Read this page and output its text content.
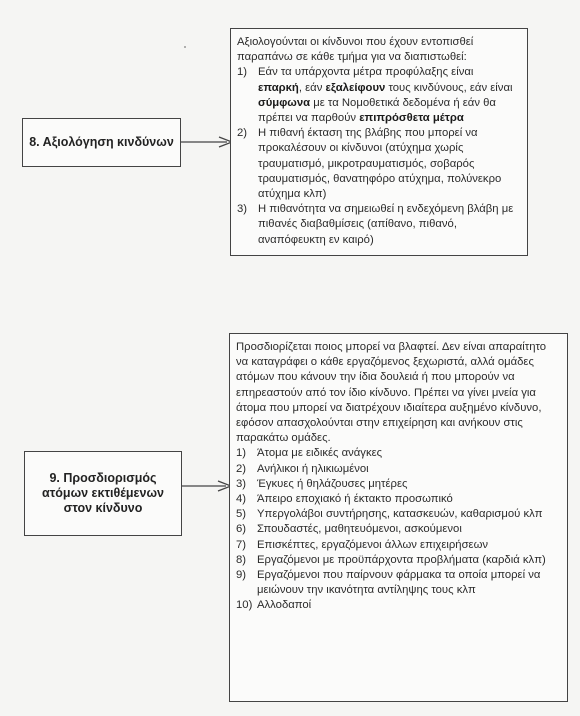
8. Αξιολόγηση κινδύνων

Αξιολογούνται οι κίνδυνοι που έχουν εντοπισθεί παραπάνω σε κάθε τμήμα για να διαπιστωθεί:

1) Εάν τα υπάρχοντα μέτρα προφύλαξης είναι επαρκή, εάν εξαλείφουν τους κινδύνους, εάν είναι σύμφωνα με τα Νομοθετικά δεδομένα ή εάν θα πρέπει να παρθούν επιπρόσθετα μέτρα
2) Η πιθανή έκταση της βλάβης που μπορεί να προκαλέσουν οι κίνδυνοι (ατύχημα χωρίς τραυματισμό, μικροτραυματισμός, σοβαρός τραυματισμός, θανατηφόρο ατύχημα, πολύνεκρο ατύχημα κλπ)
3) Η πιθανότητα να σημειωθεί η ενδεχόμενη βλάβη με πιθανές διαβαθμίσεις (απίθανο, πιθανό, αναπόφευκτη εν καιρό)
9. Προσδιορισμός ατόμων εκτιθέμενων στον κίνδυνο

Προσδιορίζεται ποιος μπορεί να βλαφτεί. Δεν είναι απαραίτητο να καταγράφει ο κάθε εργαζόμενος ξεχωριστά, αλλά ομάδες ατόμων που κάνουν την ίδια δουλειά ή που μπορούν να επηρεαστούν από τον ίδιο κίνδυνο. Πρέπει να γίνει μνεία για άτομα που μπορεί να διατρέχουν ιδιαίτερα αυξημένο κίνδυνο, εφόσον απασχολούνται στην επιχείρηση και ανήκουν στις παρακάτω ομάδες.

1) Άτομα με ειδικές ανάγκες
2) Ανήλικοι ή ηλικιωμένοι
3) Έγκυες ή θηλάζουσες μητέρες
4) Άπειρο εποχιακό ή έκτακτο προσωπικό
5) Υπεργολάβοι συντήρησης, κατασκευών, καθαρισμού κλπ
6) Σπουδαστές, μαθητευόμενοι, ασκούμενοι
7) Επισκέπτες, εργαζόμενοι άλλων επιχειρήσεων
8) Εργαζόμενοι με προϋπάρχοντα προβλήματα (καρδιά κλπ)
9) Εργαζόμενοι που παίρνουν φάρμακα τα οποία μπορεί να μειώνουν την ικανότητα αντίληψης τους κλπ
10) Αλλοδαποί
